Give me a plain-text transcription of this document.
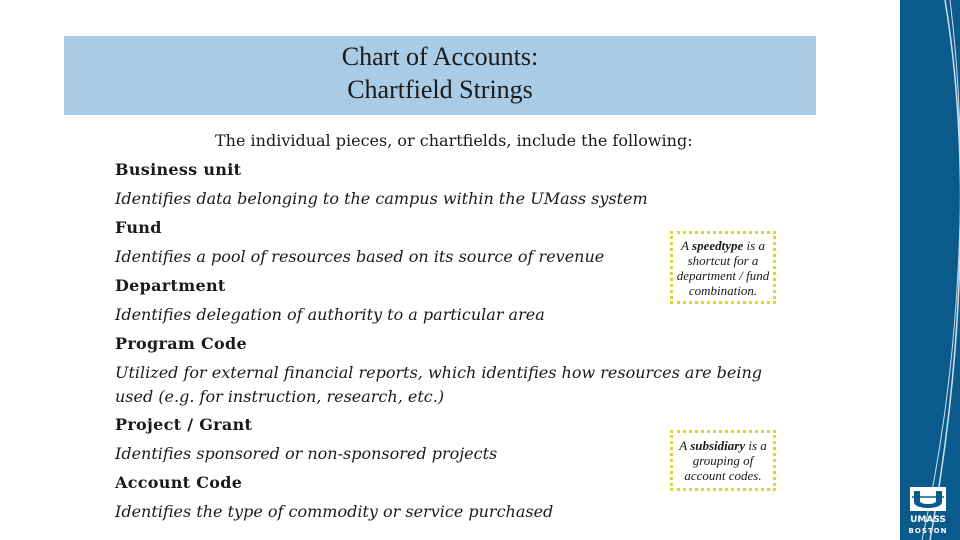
Chart of Accounts:
Chartfield Strings
The individual pieces, or chartfields, include the following:
Business unit
Identifies data belonging to the campus within the UMass system
Fund
Identifies a pool of resources based on its source of revenue
Department
Identifies delegation of authority to a particular area
Program Code
Utilized for external financial reports, which identifies how resources are being
used (e.g. for instruction, research, etc.)
Project / Grant
Identifies sponsored or non-sponsored projects
Account Code
Identifies the type of commodity or service purchased
A speedtype is a
shortcut for a
department / fund
combination.
A subsidiary is a
grouping of
account codes.
UMASS
BOSTON
